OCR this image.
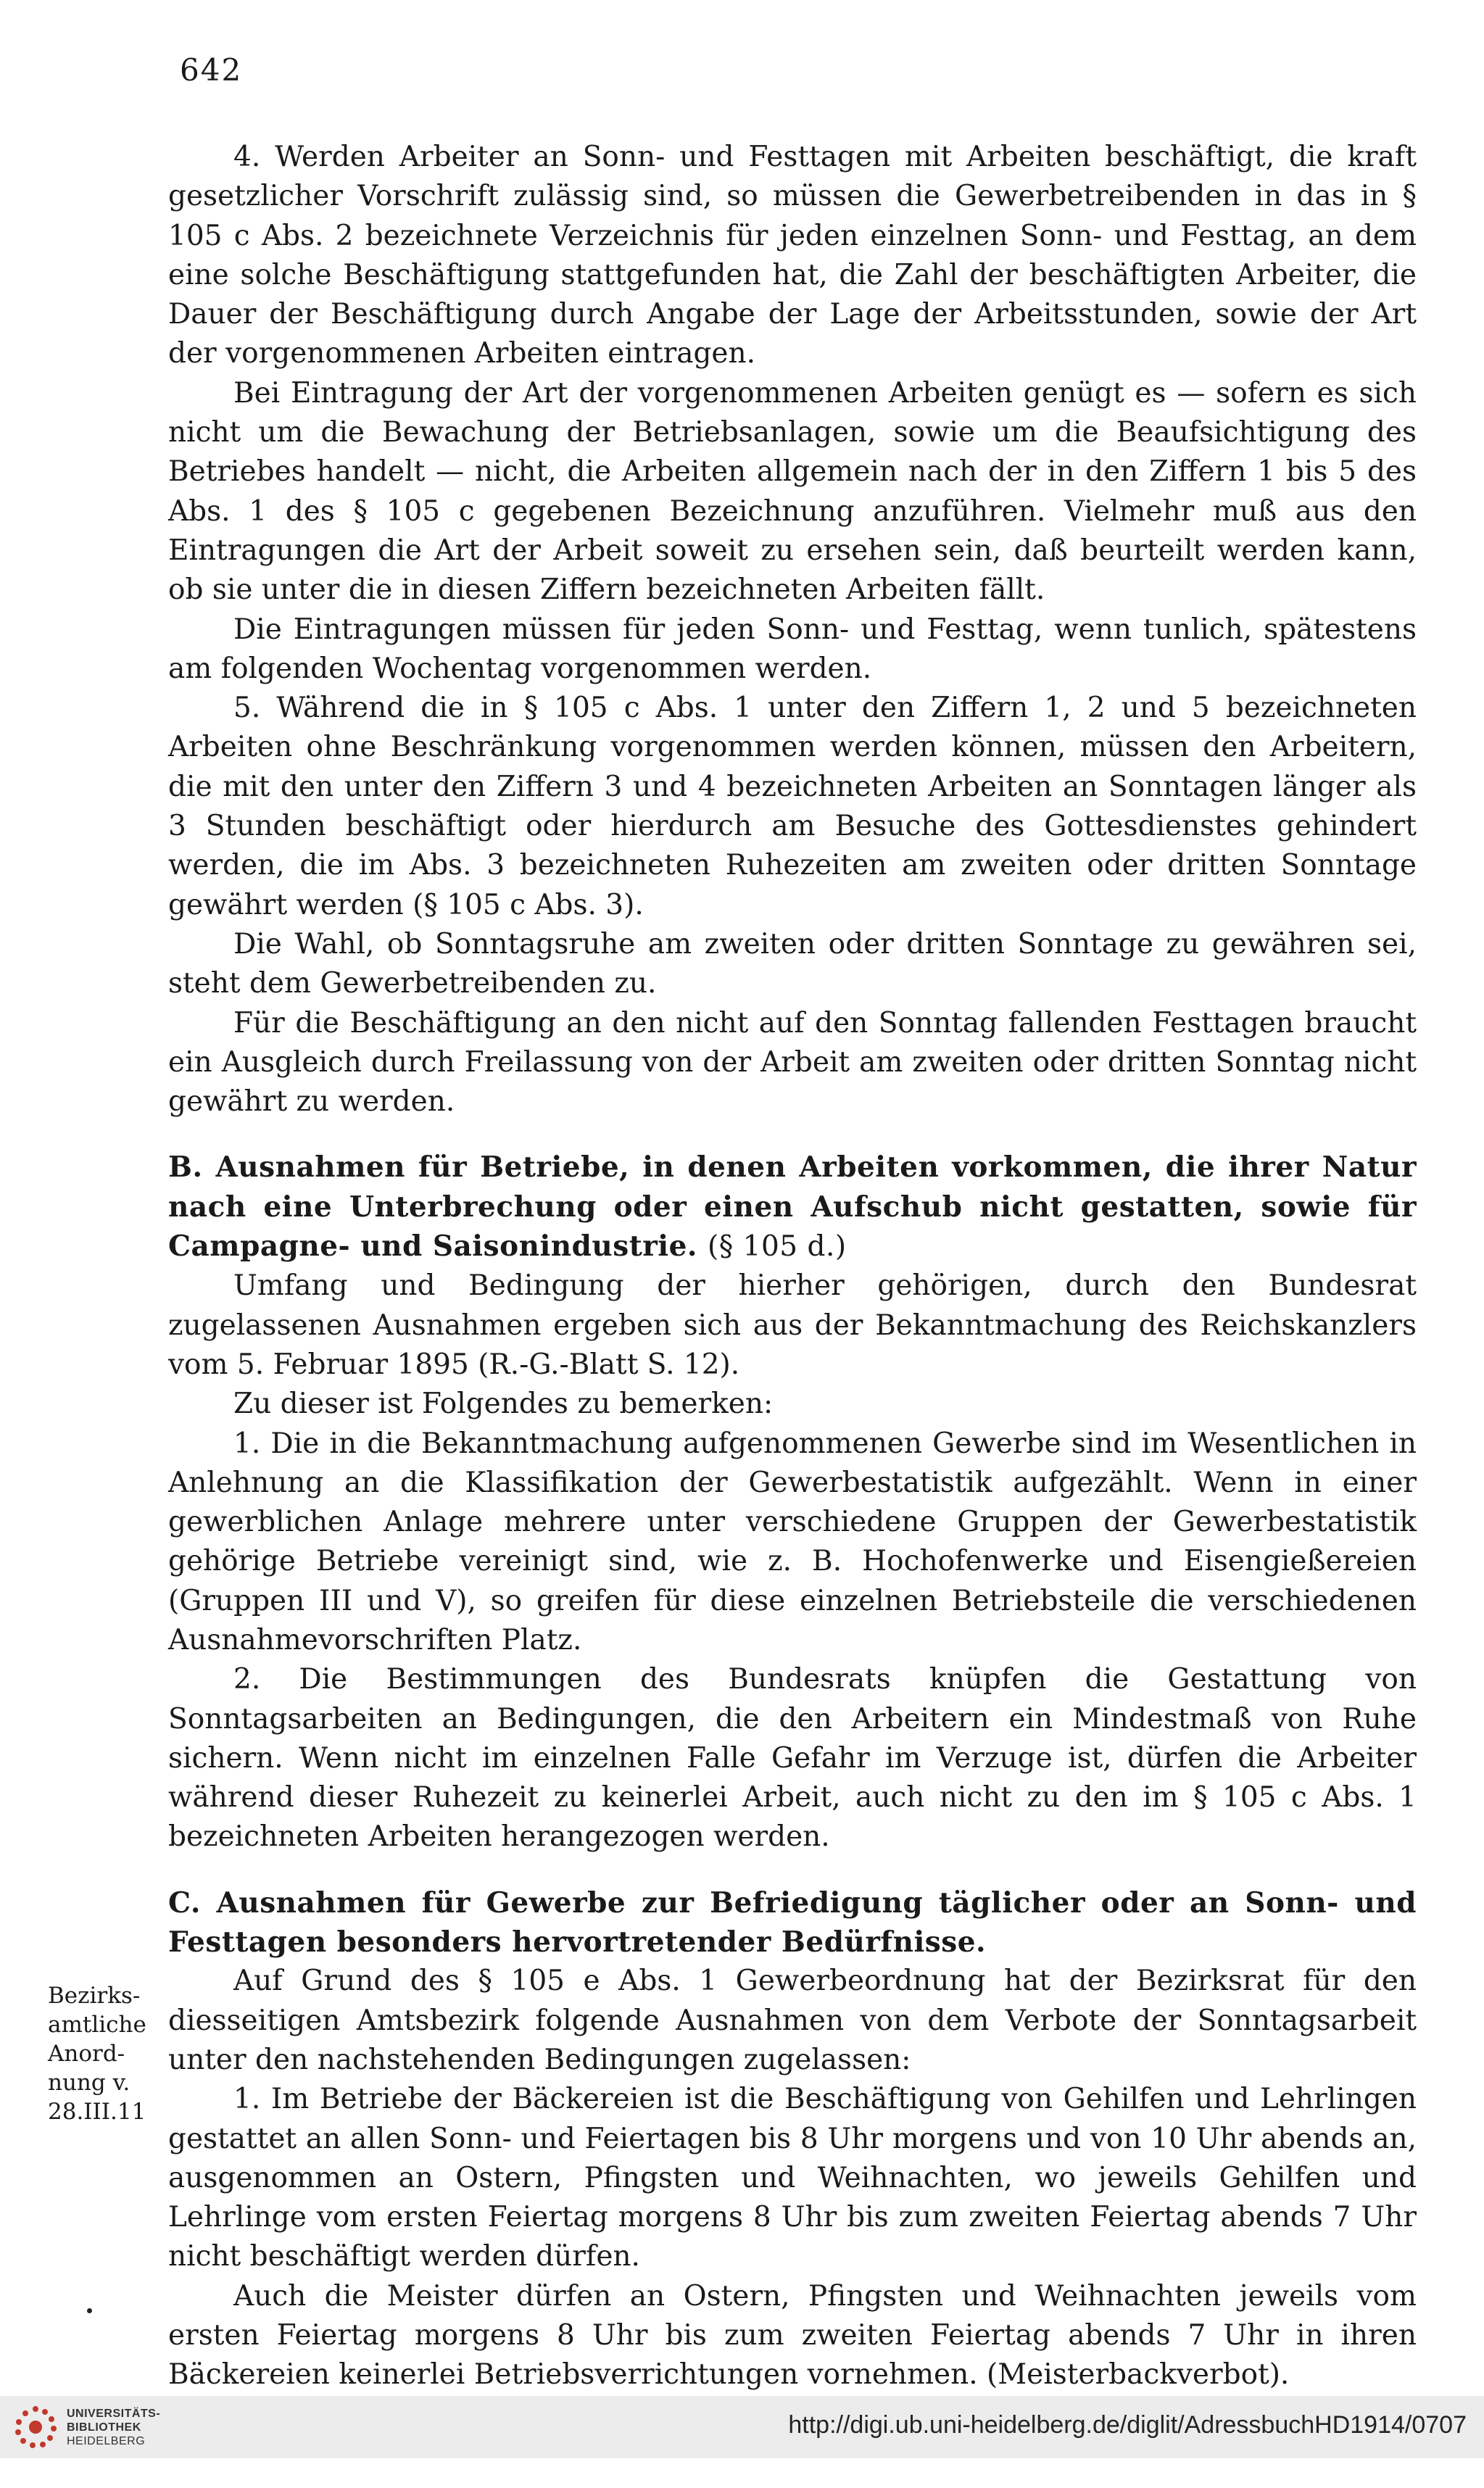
642

4. Werden Arbeiter an Sonn- und Festtagen mit Arbeiten beschäftigt, die kraft gesetzlicher Vorschrift zulässig sind, so müssen die Gewerbetreibenden in das in § 105 c Abs. 2 bezeichnete Verzeichnis für jeden einzelnen Sonn- und Festtag, an dem eine solche Beschäftigung stattgefunden hat, die Zahl der beschäftigten Arbeiter, die Dauer der Beschäftigung durch Angabe der Lage der Arbeitsstunden, sowie der Art der vorgenommenen Arbeiten eintragen.

Bei Eintragung der Art der vorgenommenen Arbeiten genügt es — sofern es sich nicht um die Bewachung der Betriebsanlagen, sowie um die Beaufsichtigung des Betriebes handelt — nicht, die Arbeiten allgemein nach der in den Ziffern 1 bis 5 des Abs. 1 des § 105 c gegebenen Bezeichnung anzuführen. Vielmehr muß aus den Eintragungen die Art der Arbeit soweit zu ersehen sein, daß beurteilt werden kann, ob sie unter die in diesen Ziffern bezeichneten Arbeiten fällt.

Die Eintragungen müssen für jeden Sonn- und Festtag, wenn tunlich, spätestens am folgenden Wochentag vorgenommen werden.

5. Während die in § 105 c Abs. 1 unter den Ziffern 1, 2 und 5 bezeichneten Arbeiten ohne Beschränkung vorgenommen werden können, müssen den Arbeitern, die mit den unter den Ziffern 3 und 4 bezeichneten Arbeiten an Sonntagen länger als 3 Stunden beschäftigt oder hierdurch am Besuche des Gottesdienstes gehindert werden, die im Abs. 3 bezeichneten Ruhezeiten am zweiten oder dritten Sonntage gewährt werden (§ 105 c Abs. 3).

Die Wahl, ob Sonntagsruhe am zweiten oder dritten Sonntage zu gewähren sei, steht dem Gewerbetreibenden zu.

Für die Beschäftigung an den nicht auf den Sonntag fallenden Festtagen braucht ein Ausgleich durch Freilassung von der Arbeit am zweiten oder dritten Sonntag nicht gewährt zu werden.

B. Ausnahmen für Betriebe, in denen Arbeiten vorkommen, die ihrer Natur nach eine Unterbrechung oder einen Aufschub nicht gestatten, sowie für Campagne- und Saisonindustrie. (§ 105 d.)

Umfang und Bedingung der hierher gehörigen, durch den Bundesrat zugelassenen Ausnahmen ergeben sich aus der Bekanntmachung des Reichskanzlers vom 5. Februar 1895 (R.-G.-Blatt S. 12).

Zu dieser ist Folgendes zu bemerken:

1. Die in die Bekanntmachung aufgenommenen Gewerbe sind im Wesentlichen in Anlehnung an die Klassifikation der Gewerbestatistik aufgezählt. Wenn in einer gewerblichen Anlage mehrere unter verschiedene Gruppen der Gewerbestatistik gehörige Betriebe vereinigt sind, wie z. B. Hochofenwerke und Eisengießereien (Gruppen III und V), so greifen für diese einzelnen Betriebsteile die verschiedenen Ausnahmevorschriften Platz.

2. Die Bestimmungen des Bundesrats knüpfen die Gestattung von Sonntagsarbeiten an Bedingungen, die den Arbeitern ein Mindestmaß von Ruhe sichern. Wenn nicht im einzelnen Falle Gefahr im Verzuge ist, dürfen die Arbeiter während dieser Ruhezeit zu keinerlei Arbeit, auch nicht zu den im § 105 c Abs. 1 bezeichneten Arbeiten herangezogen werden.

C. Ausnahmen für Gewerbe zur Befriedigung täglicher oder an Sonn- und Festtagen besonders hervortretender Bedürfnisse.

Auf Grund des § 105 e Abs. 1 Gewerbeordnung hat der Bezirksrat für den diesseitigen Amtsbezirk folgende Ausnahmen von dem Verbote der Sonntagsarbeit unter den nachstehenden Bedingungen zugelassen:

1. Im Betriebe der Bäckereien ist die Beschäftigung von Gehilfen und Lehrlingen gestattet an allen Sonn- und Feiertagen bis 8 Uhr morgens und von 10 Uhr abends an, ausgenommen an Ostern, Pfingsten und Weihnachten, wo jeweils Gehilfen und Lehrlinge vom ersten Feiertag morgens 8 Uhr bis zum zweiten Feiertag abends 7 Uhr nicht beschäftigt werden dürfen.

Auch die Meister dürfen an Ostern, Pfingsten und Weihnachten jeweils vom ersten Feiertag morgens 8 Uhr bis zum zweiten Feiertag abends 7 Uhr in ihren Bäckereien keinerlei Betriebsverrichtungen vornehmen. (Meisterbackverbot).

Bezirks-
amtliche
Anord-
nung v.
28.III.11
UNIVERSITÄTS-
BIBLIOTHEK
HEIDELBERG
http://digi.ub.uni-heidelberg.de/diglit/AdressbuchHD1914/0707
